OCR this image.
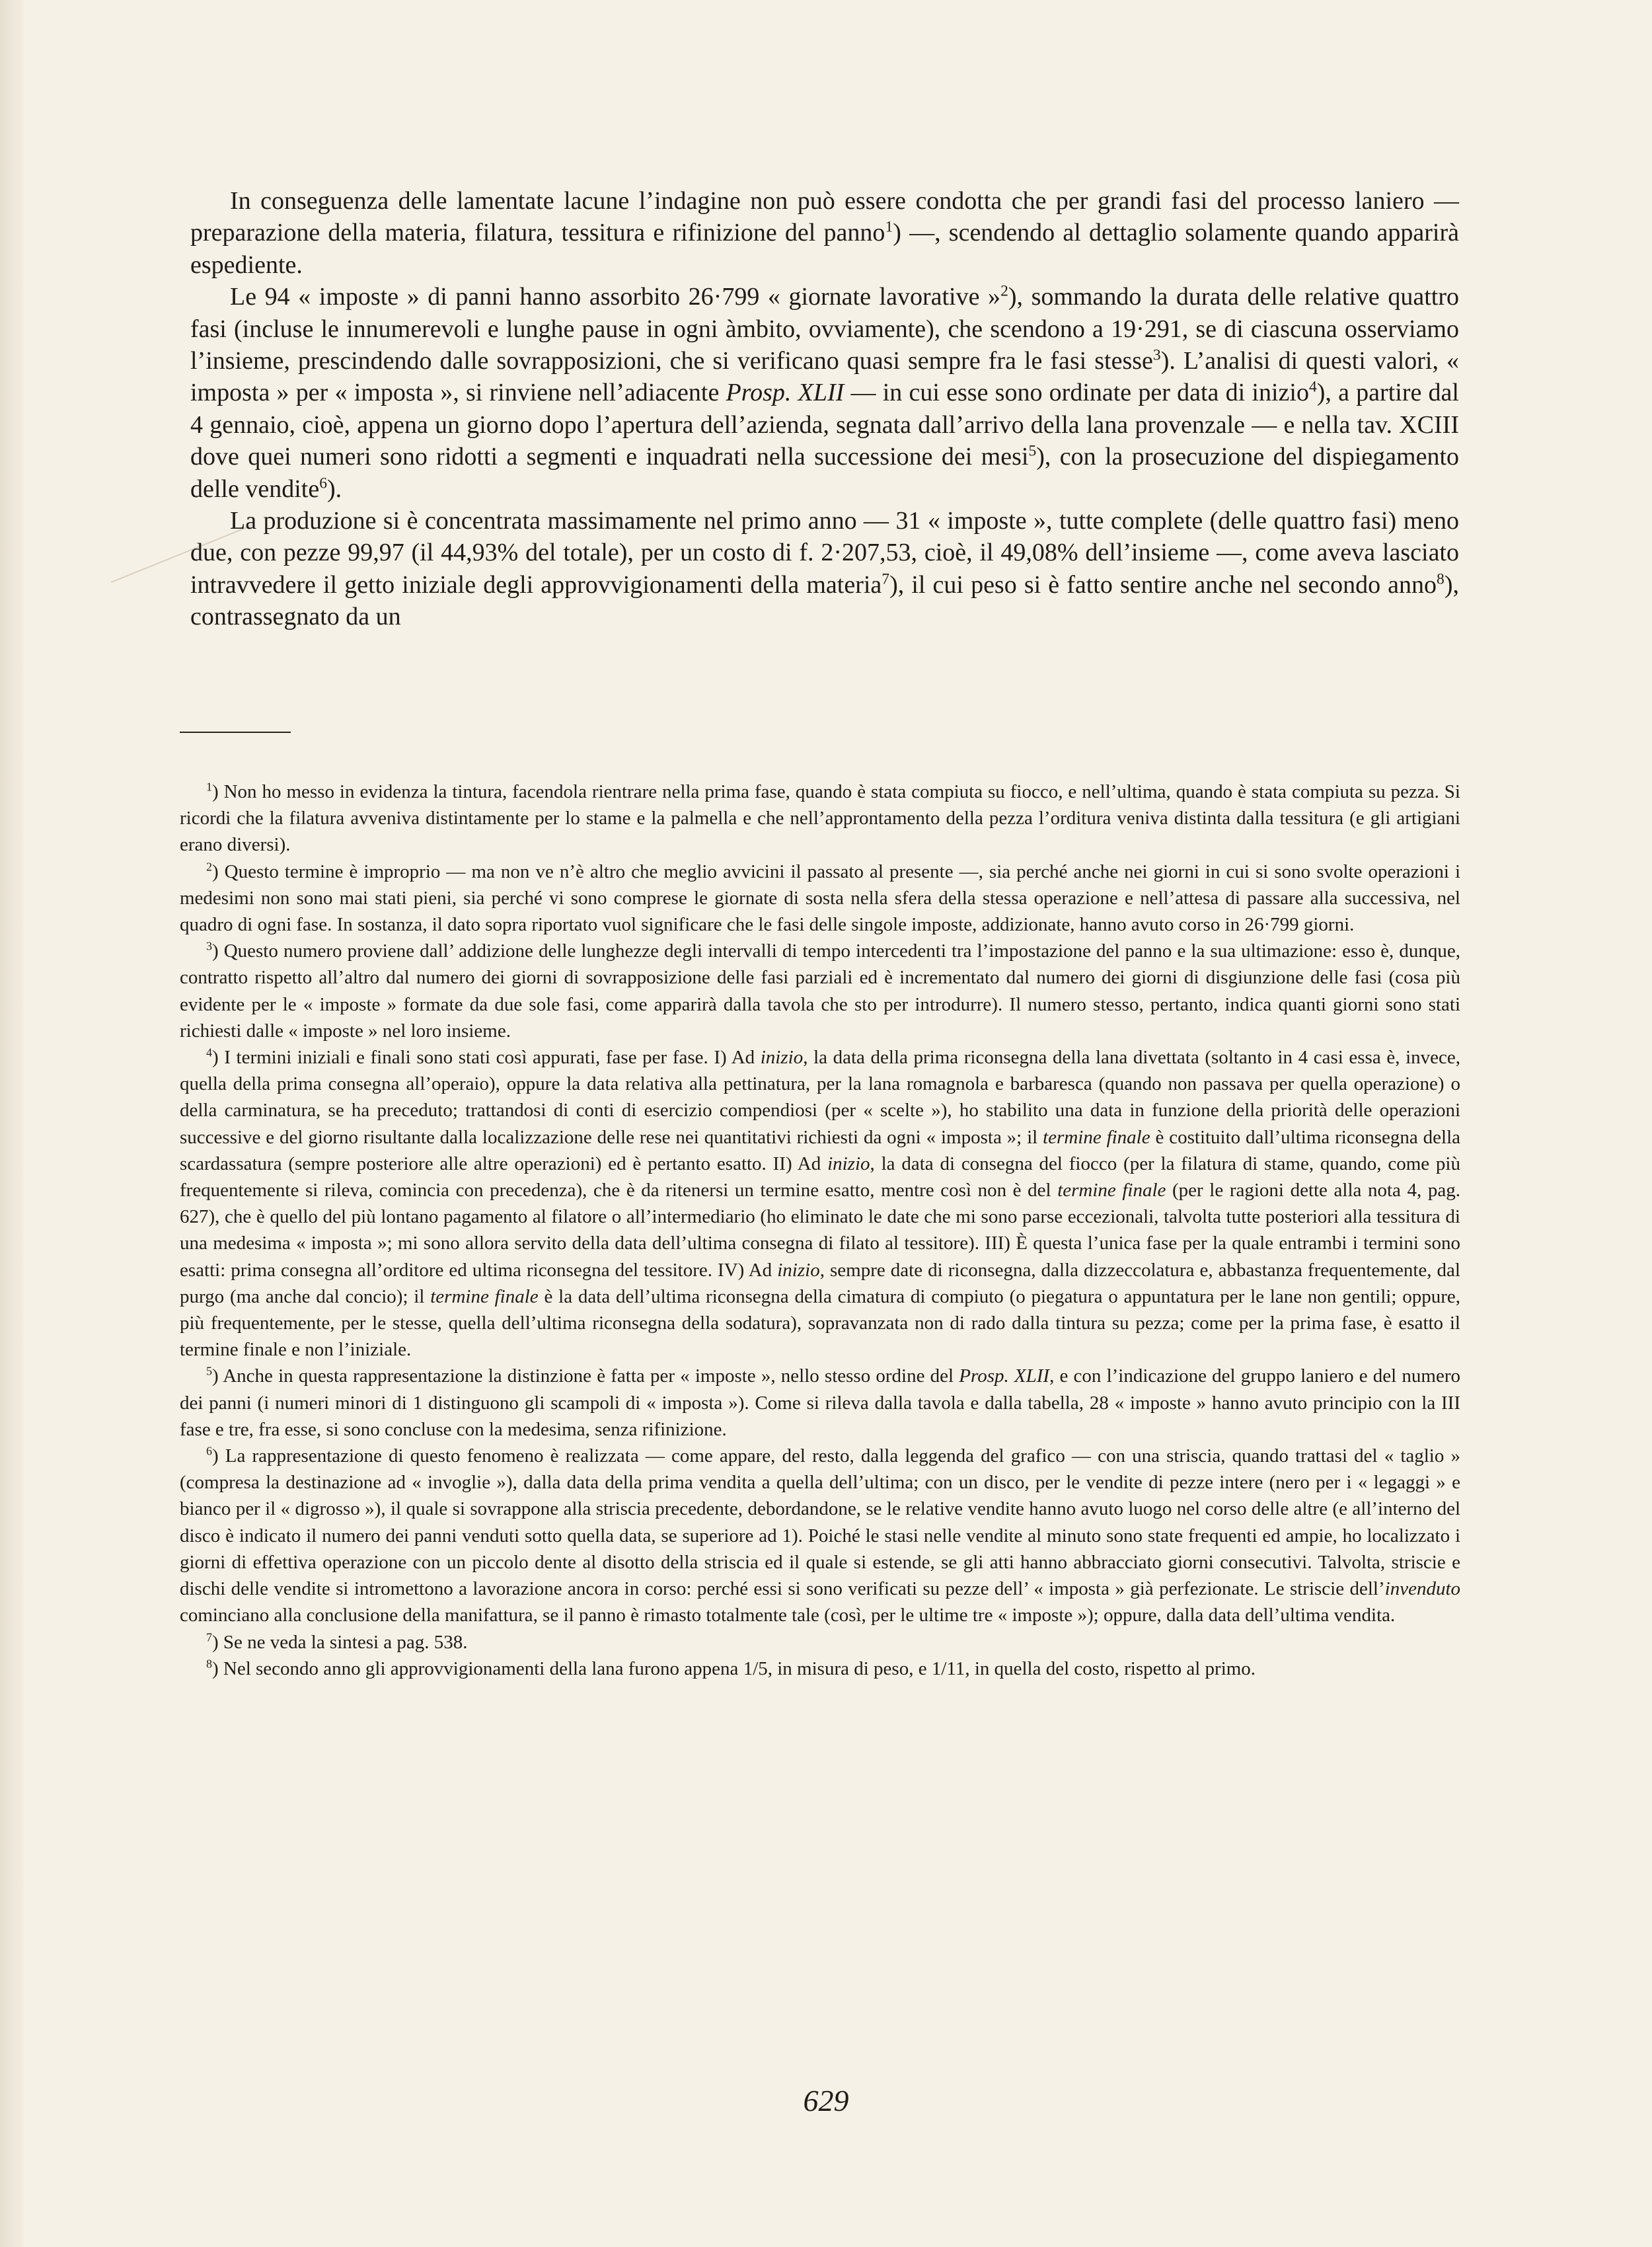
In conseguenza delle lamentate lacune l’indagine non può essere condotta che per grandi fasi del processo laniero — preparazione della materia, filatura, tessitura e rifinizione del panno$^1$) —, scendendo al dettaglio solamente quando apparirà espediente.

Le 94 « imposte » di panni hanno assorbito 26·799 « giornate lavorative »$^2$), sommando la durata delle relative quattro fasi (incluse le innumerevoli e lunghe pause in ogni àmbito, ovviamente), che scendono a 19·291, se di ciascuna osserviamo l’insieme, prescindendo dalle sovrapposizioni, che si verificano quasi sempre fra le fasi stesse$^3$). L’analisi di questi valori, « imposta » per « imposta », si rinviene nell’adiacente Prosp. XLII — in cui esse sono ordinate per data di inizio$^4$), a partire dal 4 gennaio, cioè, appena un giorno dopo l’apertura dell’azienda, segnata dall’arrivo della lana provenzale — e nella tav. XCIII dove quei numeri sono ridotti a segmenti e inquadrati nella successione dei mesi$^5$), con la prosecuzione del dispiegamento delle vendite$^6$).

La produzione si è concentrata massimamente nel primo anno — 31 « imposte », tutte complete (delle quattro fasi) meno due, con pezze 99,97 (il 44,93% del totale), per un costo di f. 2·207,53, cioè, il 49,08% dell’insieme —, come aveva lasciato intravvedere il getto iniziale degli approvvigionamenti della materia$^7$), il cui peso si è fatto sentire anche nel secondo anno$^8$), contrassegnato da un

$^1$) Non ho messo in evidenza la tintura, facendola rientrare nella prima fase, quando è stata compiuta su fiocco, e nell’ultima, quando è stata compiuta su pezza. Si ricordi che la filatura avveniva distintamente per lo stame e la palmella e che nell’approntamento della pezza l’orditura veniva distinta dalla tessitura (e gli artigiani erano diversi).

$^2$) Questo termine è improprio — ma non ve n’è altro che meglio avvicini il passato al presente —, sia perché anche nei giorni in cui si sono svolte operazioni i medesimi non sono mai stati pieni, sia perché vi sono comprese le giornate di sosta nella sfera della stessa operazione e nell’attesa di passare alla successiva, nel quadro di ogni fase. In sostanza, il dato sopra riportato vuol significare che le fasi delle singole imposte, addizionate, hanno avuto corso in 26·799 giorni.

$^3$) Questo numero proviene dall’ addizione delle lunghezze degli intervalli di tempo intercedenti tra l’impostazione del panno e la sua ultimazione: esso è, dunque, contratto rispetto all’altro dal numero dei giorni di sovrapposizione delle fasi parziali ed è incrementato dal numero dei giorni di disgiunzione delle fasi (cosa più evidente per le « imposte » formate da due sole fasi, come apparirà dalla tavola che sto per introdurre). Il numero stesso, pertanto, indica quanti giorni sono stati richiesti dalle « imposte » nel loro insieme.

$^4$) I termini iniziali e finali sono stati così appurati, fase per fase. I) Ad inizio, la data della prima riconsegna della lana divettata (soltanto in 4 casi essa è, invece, quella della prima consegna all’operaio), oppure la data relativa alla pettinatura, per la lana romagnola e barbaresca (quando non passava per quella operazione) o della carminatura, se ha preceduto; trattandosi di conti di esercizio compendiosi (per « scelte »), ho stabilito una data in funzione della priorità delle operazioni successive e del giorno risultante dalla localizzazione delle rese nei quantitativi richiesti da ogni « imposta »; il termine finale è costituito dall’ultima riconsegna della scardassatura (sempre posteriore alle altre operazioni) ed è pertanto esatto. II) Ad inizio, la data di consegna del fiocco (per la filatura di stame, quando, come più frequentemente si rileva, comincia con precedenza), che è da ritenersi un termine esatto, mentre così non è del termine finale (per le ragioni dette alla nota 4, pag. 627), che è quello del più lontano pagamento al filatore o all’intermediario (ho eliminato le date che mi sono parse eccezionali, talvolta tutte posteriori alla tessitura di una medesima « imposta »; mi sono allora servito della data dell’ultima consegna di filato al tessitore). III) È questa l’unica fase per la quale entrambi i termini sono esatti: prima consegna all’orditore ed ultima riconsegna del tessitore. IV) Ad inizio, sempre date di riconsegna, dalla dizzeccolatura e, abbastanza frequentemente, dal purgo (ma anche dal concio); il termine finale è la data dell’ultima riconsegna della cimatura di compiuto (o piegatura o appuntatura per le lane non gentili; oppure, più frequentemente, per le stesse, quella dell’ultima riconsegna della sodatura), sopravanzata non di rado dalla tintura su pezza; come per la prima fase, è esatto il termine finale e non l’iniziale.

$^5$) Anche in questa rappresentazione la distinzione è fatta per « imposte », nello stesso ordine del Prosp. XLII, e con l’indicazione del gruppo laniero e del numero dei panni (i numeri minori di 1 distinguono gli scampoli di « imposta »). Come si rileva dalla tavola e dalla tabella, 28 « imposte » hanno avuto principio con la III fase e tre, fra esse, si sono concluse con la medesima, senza rifinizione.

$^6$) La rappresentazione di questo fenomeno è realizzata — come appare, del resto, dalla leggenda del grafico — con una striscia, quando trattasi del « taglio » (compresa la destinazione ad « invoglie »), dalla data della prima vendita a quella dell’ultima; con un disco, per le vendite di pezze intere (nero per i « legaggi » e bianco per il « digrosso »), il quale si sovrappone alla striscia precedente, debordandone, se le relative vendite hanno avuto luogo nel corso delle altre (e all’interno del disco è indicato il numero dei panni venduti sotto quella data, se superiore ad 1). Poiché le stasi nelle vendite al minuto sono state frequenti ed ampie, ho localizzato i giorni di effettiva operazione con un piccolo dente al disotto della striscia ed il quale si estende, se gli atti hanno abbracciato giorni consecutivi. Talvolta, striscie e dischi delle vendite si intromettono a lavorazione ancora in corso: perché essi si sono verificati su pezze dell’ « imposta » già perfezionate. Le striscie dell’invenduto cominciano alla conclusione della manifattura, se il panno è rimasto totalmente tale (così, per le ultime tre « imposte »); oppure, dalla data dell’ultima vendita.

$^7$) Se ne veda la sintesi a pag. 538.

$^8$) Nel secondo anno gli approvvigionamenti della lana furono appena 1/5, in misura di peso, e 1/11, in quella del costo, rispetto al primo.

629
